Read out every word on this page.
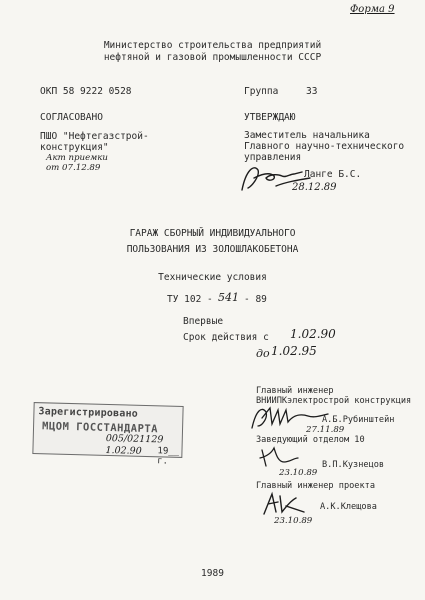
Форма 9
Министерство строительства предприятий
нефтяной и газовой промышленности СССР
ОКП 58 9222 0528	Группа	33
СОГЛАСОВАНО
ПШО "Нефтегазстрой-
конструкция"
Акт приемки
от 07.12.89
УТВЕРЖДАЮ
Заместитель начальника
Главного научно-технического
управления
Ланге Б.С.
28.12.89
ГАРАЖ СБОРНЫЙ ИНДИВИДУАЛЬНОГО
ПОЛЬЗОВАНИЯ ИЗ ЗОЛОШЛАКОБЕТОНА
Технические условия
ТУ 102 - 541 - 89
Впервые
Срок действия с 1.02.90
до 1.02.95
Зарегистрировано
МЦОМ ГОССТАНДАРТА
005/021129
1.02.90 19__ г.
Главный инженер
ВНИИПКэлектрострой конструкция
А.Б.Рубинштейн
27.11.89
Заведующий отделом 10
В.П.Кузнецов
23.10.89
Главный инженер проекта
А.К.Клещова
23.10.89
1989
